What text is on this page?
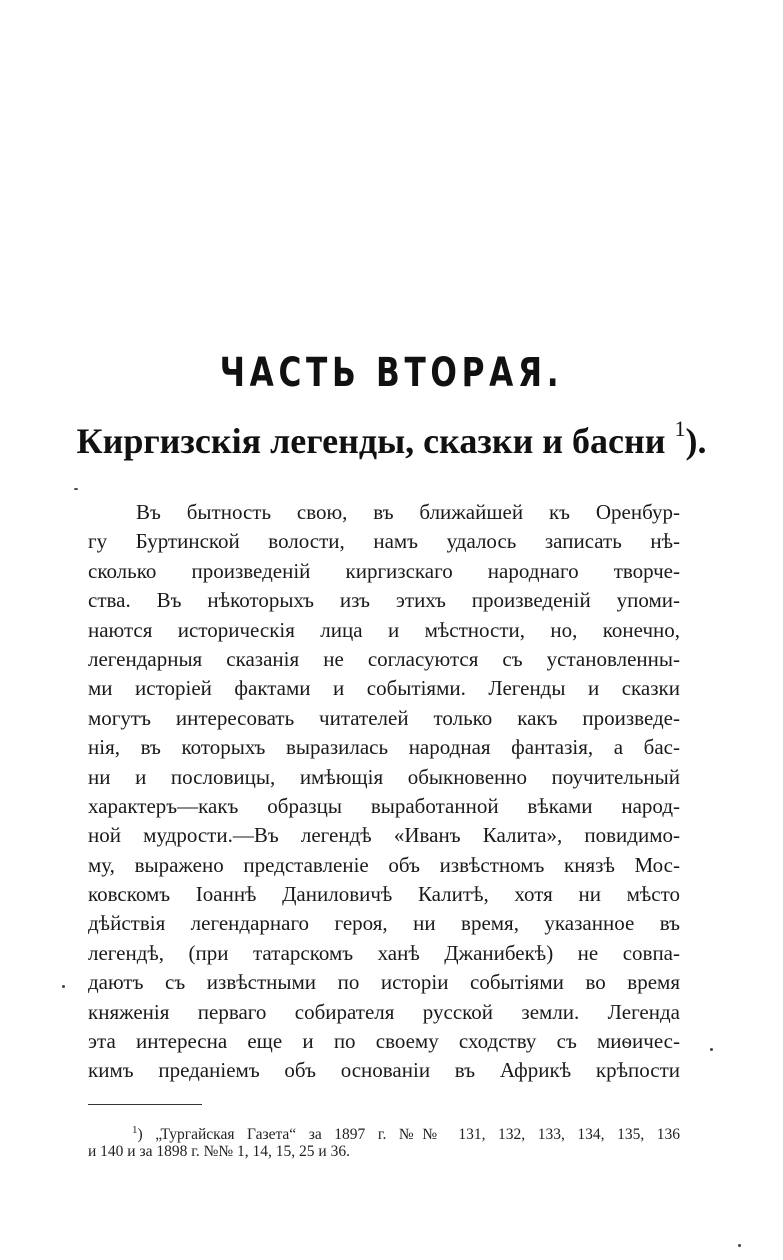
ЧАСТЬ ВТОРАЯ.
Киргизскія легенды, сказки и басни $^1$).
Въ бытность свою, въ ближайшей къ Оренбур-
гу Буртинской волости, намъ удалось записать нѣ-
сколько произведеній киргизскаго народнаго творче-
ства. Въ нѣкоторыхъ изъ этихъ произведеній упоми-
наются историческія лица и мѣстности, но, конечно,
легендарныя сказанія не согласуются съ установленны-
ми исторіей фактами и событіями. Легенды и сказки
могутъ интересовать читателей только какъ произведе-
нія, въ которыхъ выразилась народная фантазія, а бас-
ни и пословицы, имѣющія обыкновенно поучительный
характеръ—какъ образцы выработанной вѣками народ-
ной мудрости.—Въ легендѣ «Иванъ Калита», повидимо-
му, выражено представленіе объ извѣстномъ князѣ Мос-
ковскомъ Іоаннѣ Даниловичѣ Калитѣ, хотя ни мѣсто
дѣйствія легендарнаго героя, ни время, указанное въ
легендѣ, (при татарскомъ ханѣ Джанибекѣ) не совпа-
даютъ съ извѣстными по исторіи событіями во время
княженія перваго собирателя русской земли. Легенда
эта интересна еще и по своему сходству съ миѳичес-
кимъ преданіемъ объ основаніи въ Африкѣ крѣпости
$^1$) „Тургайская Газета“ за 1897 г. №№ 131, 132, 133, 134, 135, 136
и 140 и за 1898 г. №№ 1, 14, 15, 25 и 36.
